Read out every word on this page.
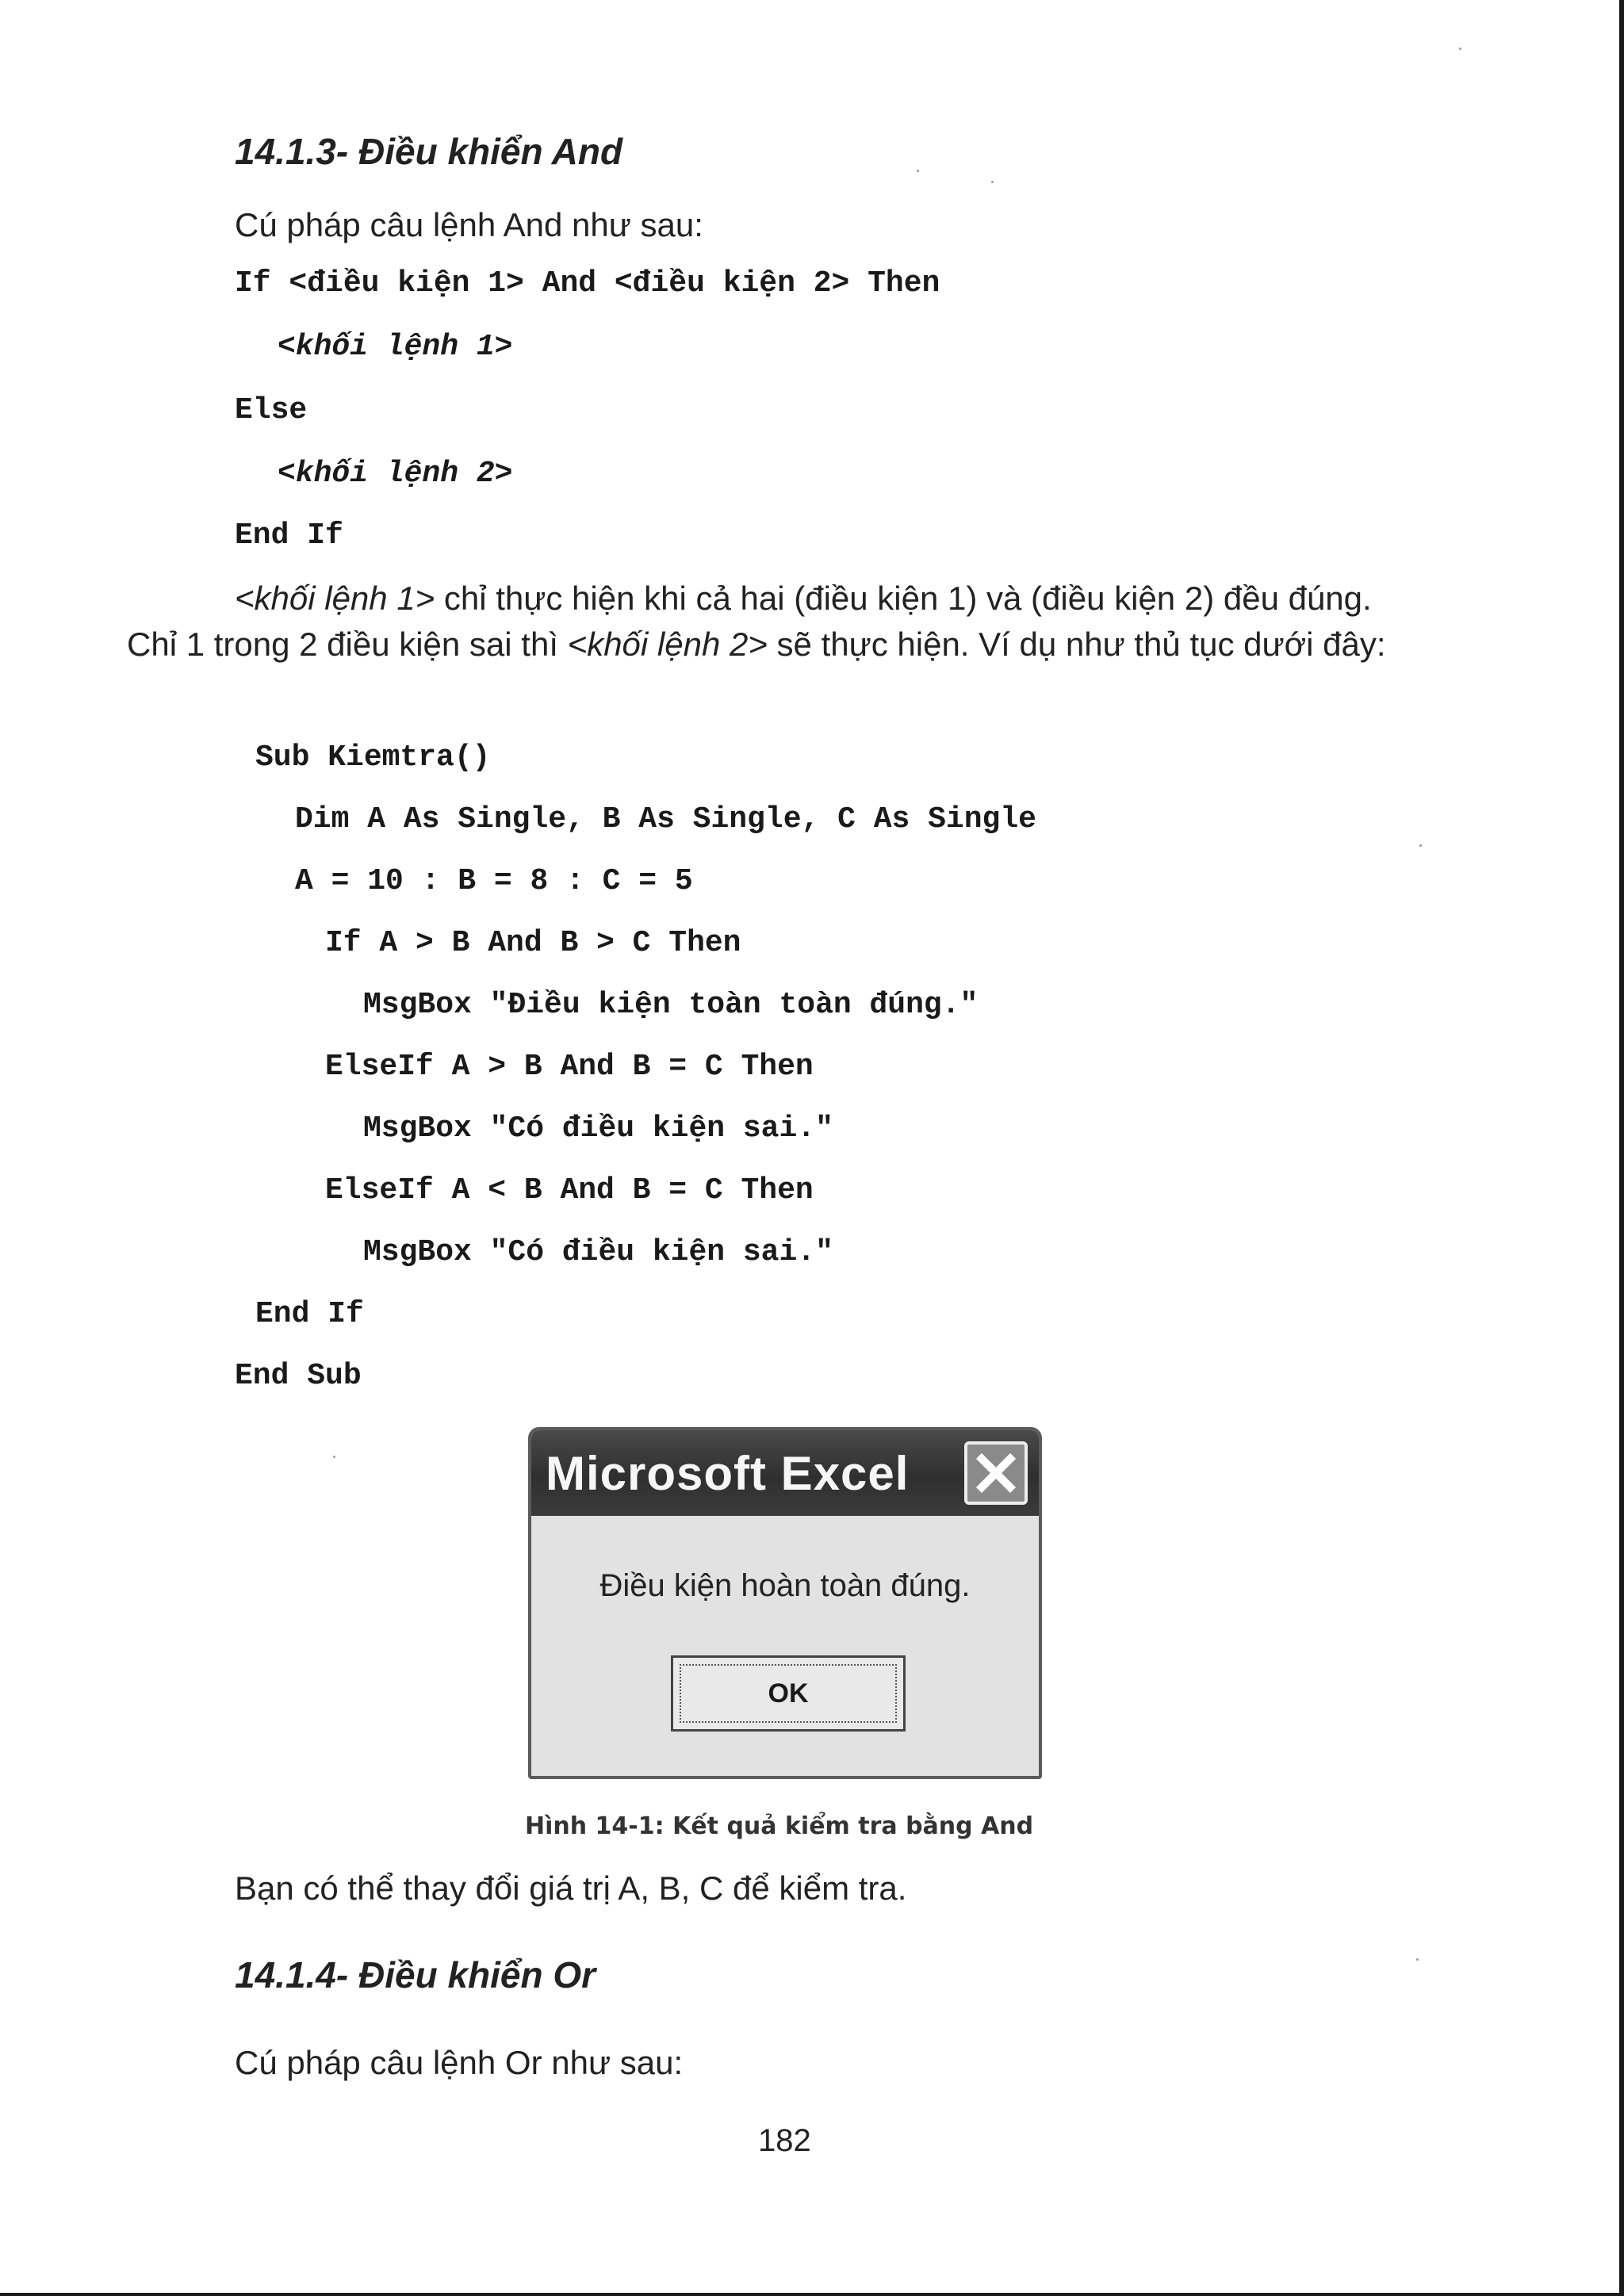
14.1.3- Điều khiển And
Cú pháp câu lệnh And như sau:
If <điều kiện 1> And <điều kiện 2> Then
<khối lệnh 1>
Else
<khối lệnh 2>
End If
<khối lệnh 1> chỉ thực hiện khi cả hai (điều kiện 1) và (điều kiện 2) đều đúng. Chỉ 1 trong 2 điều kiện sai thì <khối lệnh 2> sẽ thực hiện. Ví dụ như thủ tục dưới đây:
Sub Kiemtra()
Dim A As Single, B As Single, C As Single
A = 10 : B = 8 : C = 5
If A > B And B > C Then
MsgBox "Điều kiện toàn toàn đúng."
ElseIf A > B And B = C Then
MsgBox "Có điều kiện sai."
ElseIf A < B And B = C Then
MsgBox "Có điều kiện sai."
End If
End Sub
Microsoft Excel
Điều kiện hoàn toàn đúng.
OK
Hình 14-1: Kết quả kiểm tra bằng And
Bạn có thể thay đổi giá trị A, B, C để kiểm tra.
14.1.4- Điều khiển Or
Cú pháp câu lệnh Or như sau:
182
